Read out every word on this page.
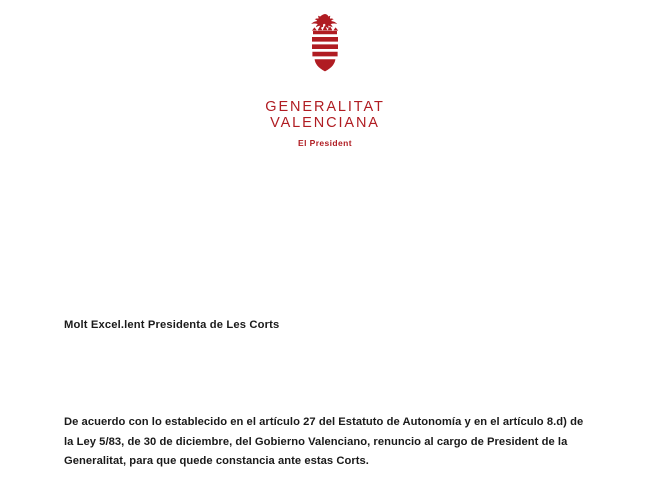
GENERALITAT
VALENCIANA
El President
Molt Excel.lent Presidenta de Les Corts
De acuerdo con lo establecido en el artículo 27 del Estatuto de Autonomía y en el artículo 8.d) de la Ley 5/83, de 30 de diciembre, del Gobierno Valenciano, renuncio al cargo de President de la Generalitat, para que quede constancia ante estas Corts.
